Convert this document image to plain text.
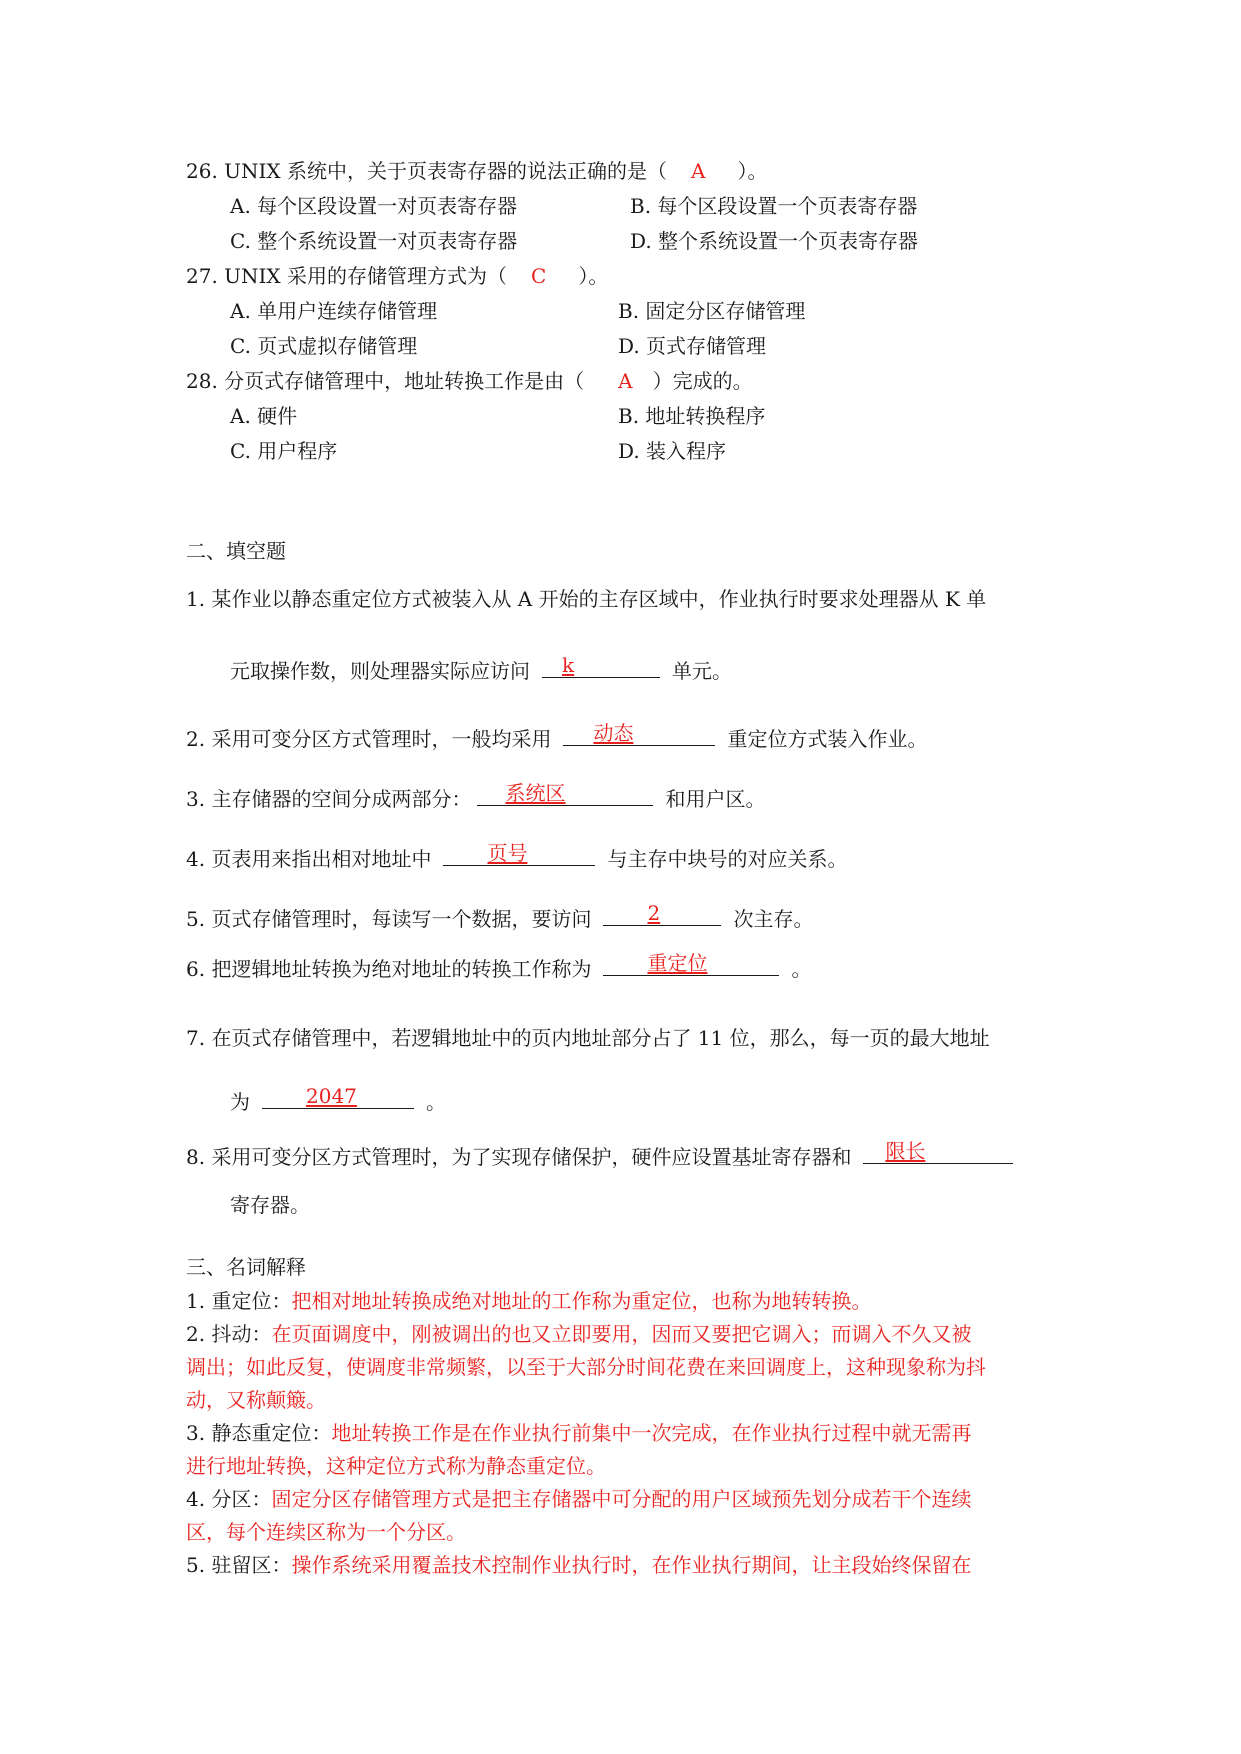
26. UNIX 系统中，关于页表寄存器的说法正确的是（ A ）。
A. 每个区段设置一对页表寄存器	B. 每个区段设置一个页表寄存器
C. 整个系统设置一对页表寄存器	D. 整个系统设置一个页表寄存器
27. UNIX 采用的存储管理方式为（ C ）。
A. 单用户连续存储管理	B. 固定分区存储管理
C. 页式虚拟存储管理	D. 页式存储管理
28. 分页式存储管理中，地址转换工作是由（ A ）完成的。
A. 硬件	B. 地址转换程序
C. 用户程序	D. 装入程序
二、填空题
1. 某作业以静态重定位方式被装入从 A 开始的主存区域中，作业执行时要求处理器从 K 单
元取操作数，则处理器实际应访问 k	单元。
2. 采用可变分区方式管理时，一般均采用 动态	重定位方式装入作业。
3. 主存储器的空间分成两部分： 系统区	和用户区。
4. 页表用来指出相对地址中	页号	与主存中块号的对应关系。
5. 页式存储管理时，每读写一个数据，要访问	2	次主存。
6. 把逻辑地址转换为绝对地址的转换工作称为	重定位	。
7. 在页式存储管理中，若逻辑地址中的页内地址部分占了 11 位，那么，每一页的最大地址
为	2047	。
8. 采用可变分区方式管理时，为了实现存储保护，硬件应设置基址寄存器和 限长
寄存器。
三、名词解释
1. 重定位：把相对地址转换成绝对地址的工作称为重定位，也称为地转转换。
2. 抖动：在页面调度中，刚被调出的也又立即要用，因而又要把它调入；而调入不久又被
调出；如此反复，使调度非常频繁，以至于大部分时间花费在来回调度上，这种现象称为抖
动，又称颠簸。
3. 静态重定位：地址转换工作是在作业执行前集中一次完成，在作业执行过程中就无需再
进行地址转换，这种定位方式称为静态重定位。
4. 分区：固定分区存储管理方式是把主存储器中可分配的用户区域预先划分成若干个连续
区，每个连续区称为一个分区。
5. 驻留区：操作系统采用覆盖技术控制作业执行时，在作业执行期间，让主段始终保留在
